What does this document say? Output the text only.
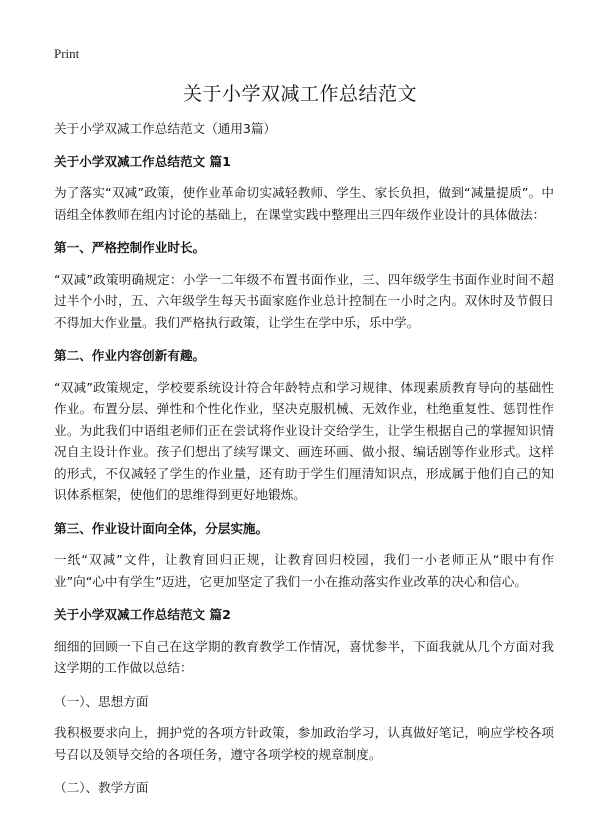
Print
关于小学双减工作总结范文

关于小学双减工作总结范文（通用3篇）

关于小学双减工作总结范文 篇1

为了落实“双减”政策，使作业革命切实减轻教师、学生、家长负担，做到“减量提质”。中语组全体教师在组内讨论的基础上，在课堂实践中整理出三四年级作业设计的具体做法：

第一、严格控制作业时长。

“双减”政策明确规定：小学一二年级不布置书面作业，三、四年级学生书面作业时间不超过半个小时，五、六年级学生每天书面家庭作业总计控制在一小时之内。双休时及节假日不得加大作业量。我们严格执行政策，让学生在学中乐，乐中学。

第二、作业内容创新有趣。

“双减”政策规定，学校要系统设计符合年龄特点和学习规律、体现素质教育导向的基础性作业。布置分层、弹性和个性化作业，坚决克服机械、无效作业，杜绝重复性、惩罚性作业。为此我们中语组老师们正在尝试将作业设计交给学生，让学生根据自己的掌握知识情况自主设计作业。孩子们想出了续写课文、画连环画、做小报、编话剧等作业形式。这样的形式，不仅减轻了学生的作业量，还有助于学生们厘清知识点，形成属于他们自己的知识体系框架，使他们的思维得到更好地锻炼。

第三、作业设计面向全体，分层实施。

一纸“双减”文件，让教育回归正规，让教育回归校园，我们一小老师正从“眼中有作业”向“心中有学生”迈进，它更加坚定了我们一小在推动落实作业改革的决心和信心。

关于小学双减工作总结范文 篇2

细细的回顾一下自己在这学期的教育教学工作情况，喜忧参半，下面我就从几个方面对我这学期的工作做以总结：

（一）、思想方面

我积极要求向上，拥护党的各项方针政策，参加政治学习，认真做好笔记，响应学校各项号召以及领导交给的各项任务，遵守各项学校的规章制度。

（二）、教学方面
